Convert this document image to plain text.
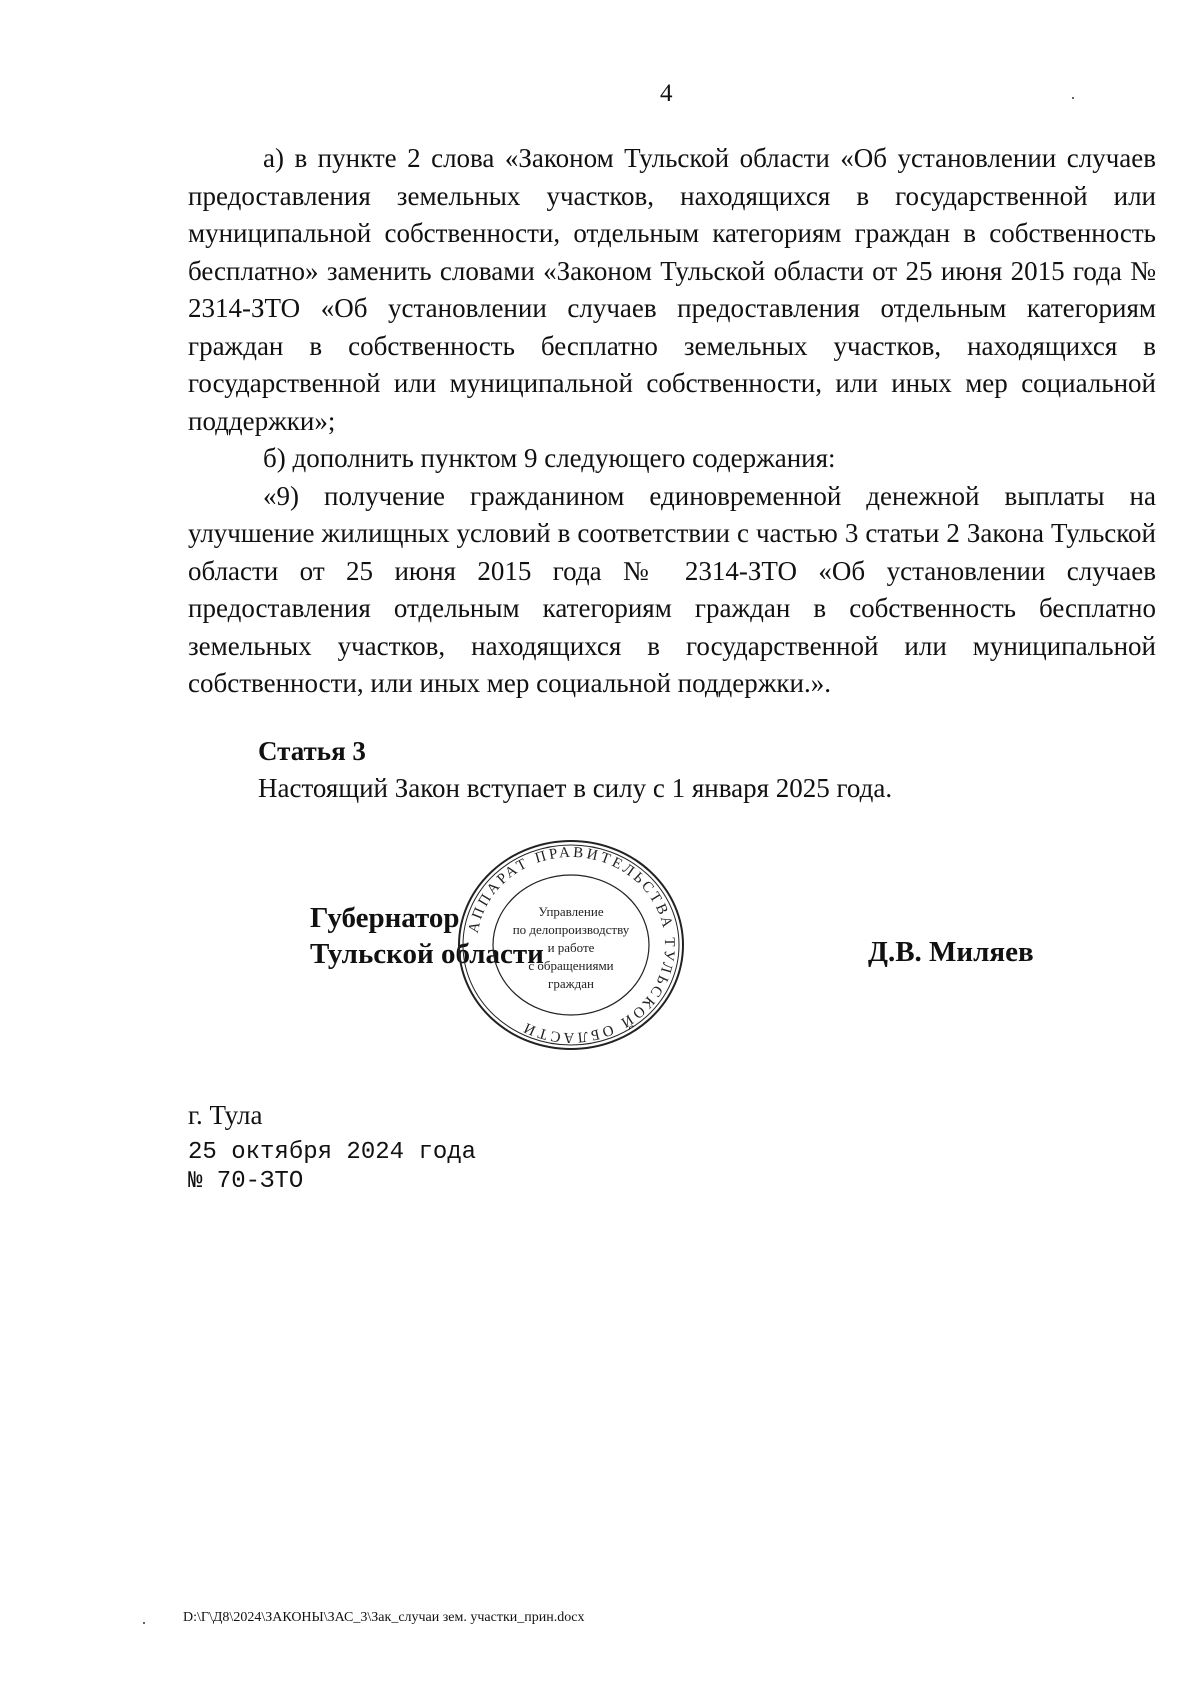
4

а) в пункте 2 слова «Законом Тульской области «Об установлении случаев предоставления земельных участков, находящихся в государственной или муниципальной собственности, отдельным категориям граждан в собственность бесплатно» заменить словами «Законом Тульской области от 25 июня 2015 года № 2314-ЗТО «Об установлении случаев предоставления отдельным категориям граждан в собственность бесплатно земельных участков, находящихся в государственной или муниципальной собственности, или иных мер социальной поддержки»;

б) дополнить пунктом 9 следующего содержания:

«9) получение гражданином единовременной денежной выплаты на улучшение жилищных условий в соответствии с частью 3 статьи 2 Закона Тульской области от 25 июня 2015 года № 2314-ЗТО «Об установлении случаев предоставления отдельным категориям граждан в собственность бесплатно земельных участков, находящихся в государственной или муниципальной собственности, или иных мер социальной поддержки.».

Статья 3
Настоящий Закон вступает в силу с 1 января 2025 года.
Губернатор
Тульской области
АППАРАТ ПРАВИТЕЛЬСТВА ТУЛЬСКОЙ ОБЛАСТИ
Управление
по делопроизводству
и работе
с обращениями
граждан
Д.В. Миляев
г. Тула
25 октября 2024 года
№ 70-ЗТО
D:\Г\Д8\2024\ЗАКОНЫ\ЗАС_3\Зак_случаи зем. участки_прин.docx
